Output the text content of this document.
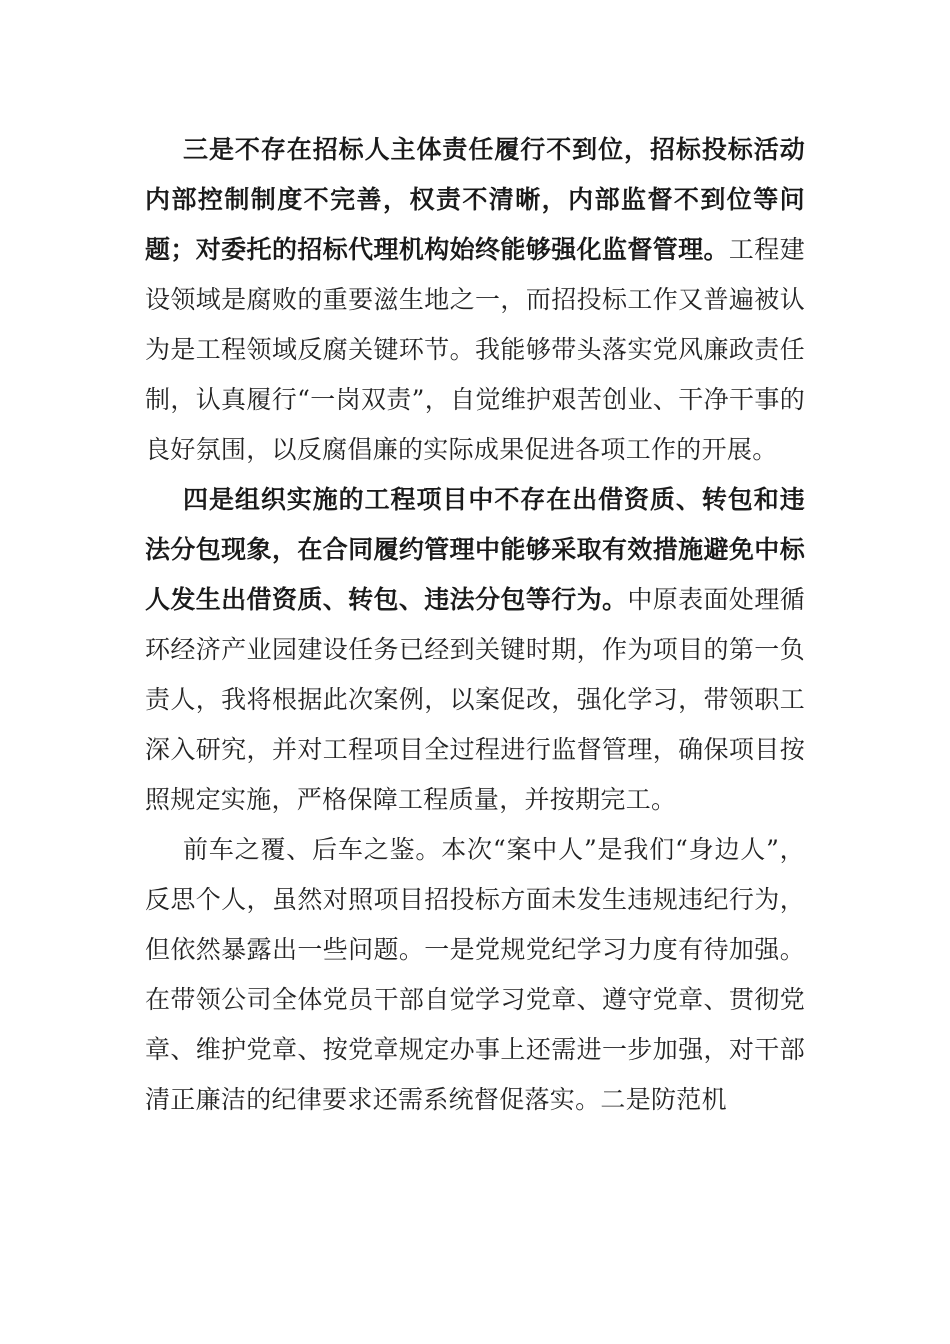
三是不存在招标人主体责任履行不到位，招标投标活动内部控制制度不完善，权责不清晰，内部监督不到位等问题；对委托的招标代理机构始终能够强化监督管理。工程建设领域是腐败的重要滋生地之一，而招投标工作又普遍被认为是工程领域反腐关键环节。我能够带头落实党风廉政责任制，认真履行“一岗双责”，自觉维护艰苦创业、干净干事的良好氛围，以反腐倡廉的实际成果促进各项工作的开展。

四是组织实施的工程项目中不存在出借资质、转包和违法分包现象，在合同履约管理中能够采取有效措施避免中标人发生出借资质、转包、违法分包等行为。中原表面处理循环经济产业园建设任务已经到关键时期，作为项目的第一负责人，我将根据此次案例，以案促改，强化学习，带领职工深入研究，并对工程项目全过程进行监督管理，确保项目按照规定实施，严格保障工程质量，并按期完工。

前车之覆、后车之鉴。本次“案中人”是我们“身边人”，反思个人，虽然对照项目招投标方面未发生违规违纪行为，但依然暴露出一些问题。一是党规党纪学习力度有待加强。在带领公司全体党员干部自觉学习党章、遵守党章、贯彻党章、维护党章、按党章规定办事上还需进一步加强，对干部清正廉洁的纪律要求还需系统督促落实。二是防范机
